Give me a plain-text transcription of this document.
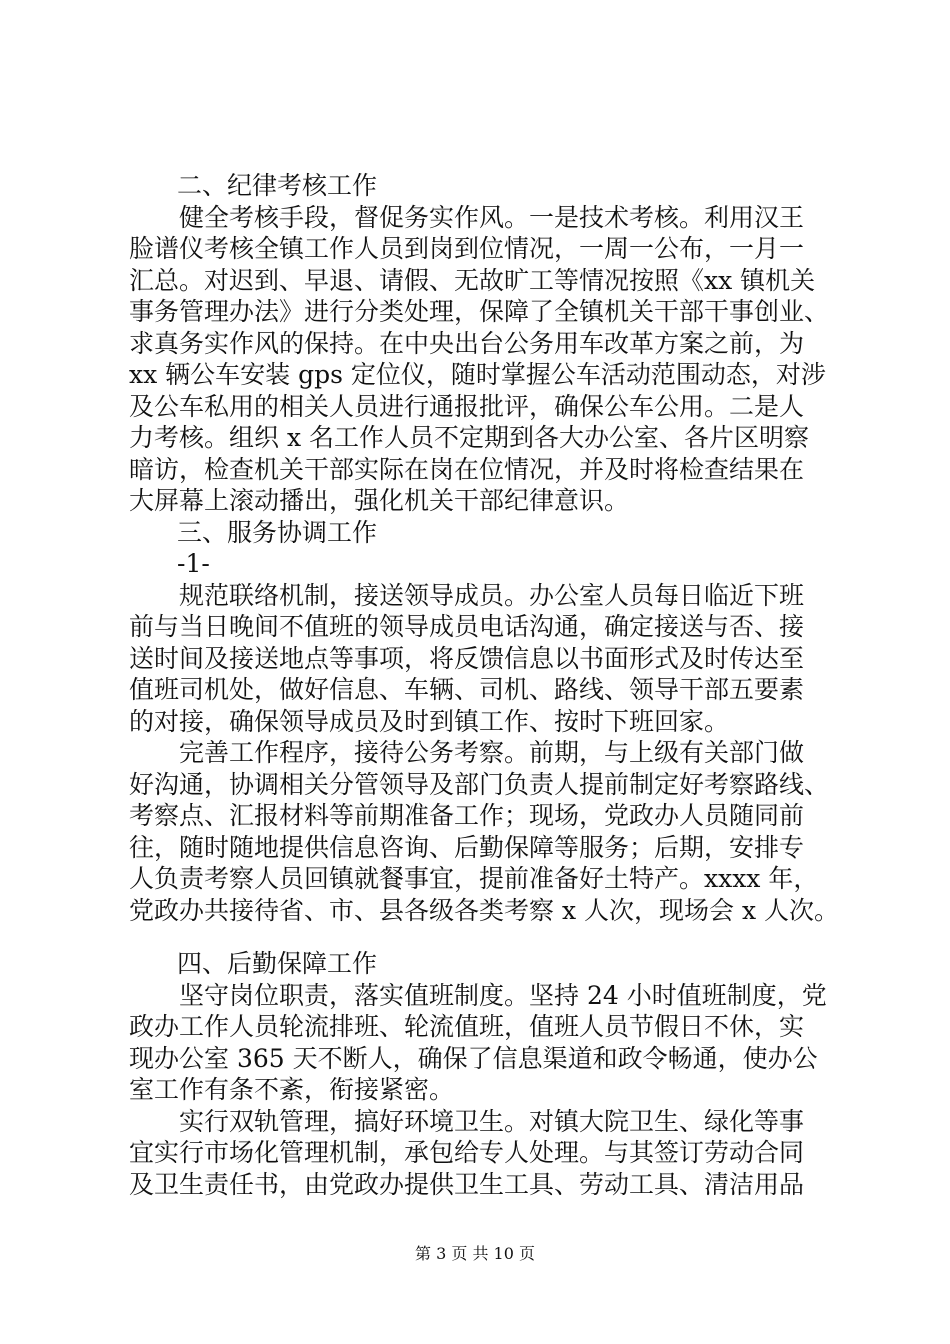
二、纪律考核工作
健全考核手段，督促务实作风。一是技术考核。利用汉王
脸谱仪考核全镇工作人员到岗到位情况，一周一公布，一月一
汇总。对迟到、早退、请假、无故旷工等情况按照《xx 镇机关
事务管理办法》进行分类处理，保障了全镇机关干部干事创业、
求真务实作风的保持。在中央出台公务用车改革方案之前，为
xx 辆公车安装 gps 定位仪，随时掌握公车活动范围动态，对涉
及公车私用的相关人员进行通报批评，确保公车公用。二是人
力考核。组织 x 名工作人员不定期到各大办公室、各片区明察
暗访，检查机关干部实际在岗在位情况，并及时将检查结果在
大屏幕上滚动播出，强化机关干部纪律意识。
三、服务协调工作
-1-
规范联络机制，接送领导成员。办公室人员每日临近下班
前与当日晚间不值班的领导成员电话沟通，确定接送与否、接
送时间及接送地点等事项，将反馈信息以书面形式及时传达至
值班司机处，做好信息、车辆、司机、路线、领导干部五要素
的对接，确保领导成员及时到镇工作、按时下班回家。
完善工作程序，接待公务考察。前期，与上级有关部门做
好沟通，协调相关分管领导及部门负责人提前制定好考察路线、
考察点、汇报材料等前期准备工作；现场，党政办人员随同前
往，随时随地提供信息咨询、后勤保障等服务；后期，安排专
人负责考察人员回镇就餐事宜，提前准备好土特产。xxxx 年，
党政办共接待省、市、县各级各类考察 x 人次，现场会 x 人次。
四、后勤保障工作
坚守岗位职责，落实值班制度。坚持 24 小时值班制度，党
政办工作人员轮流排班、轮流值班，值班人员节假日不休，实
现办公室 365 天不断人，确保了信息渠道和政令畅通，使办公
室工作有条不紊，衔接紧密。
实行双轨管理，搞好环境卫生。对镇大院卫生、绿化等事
宜实行市场化管理机制，承包给专人处理。与其签订劳动合同
及卫生责任书，由党政办提供卫生工具、劳动工具、清洁用品
第 3 页 共 10 页
